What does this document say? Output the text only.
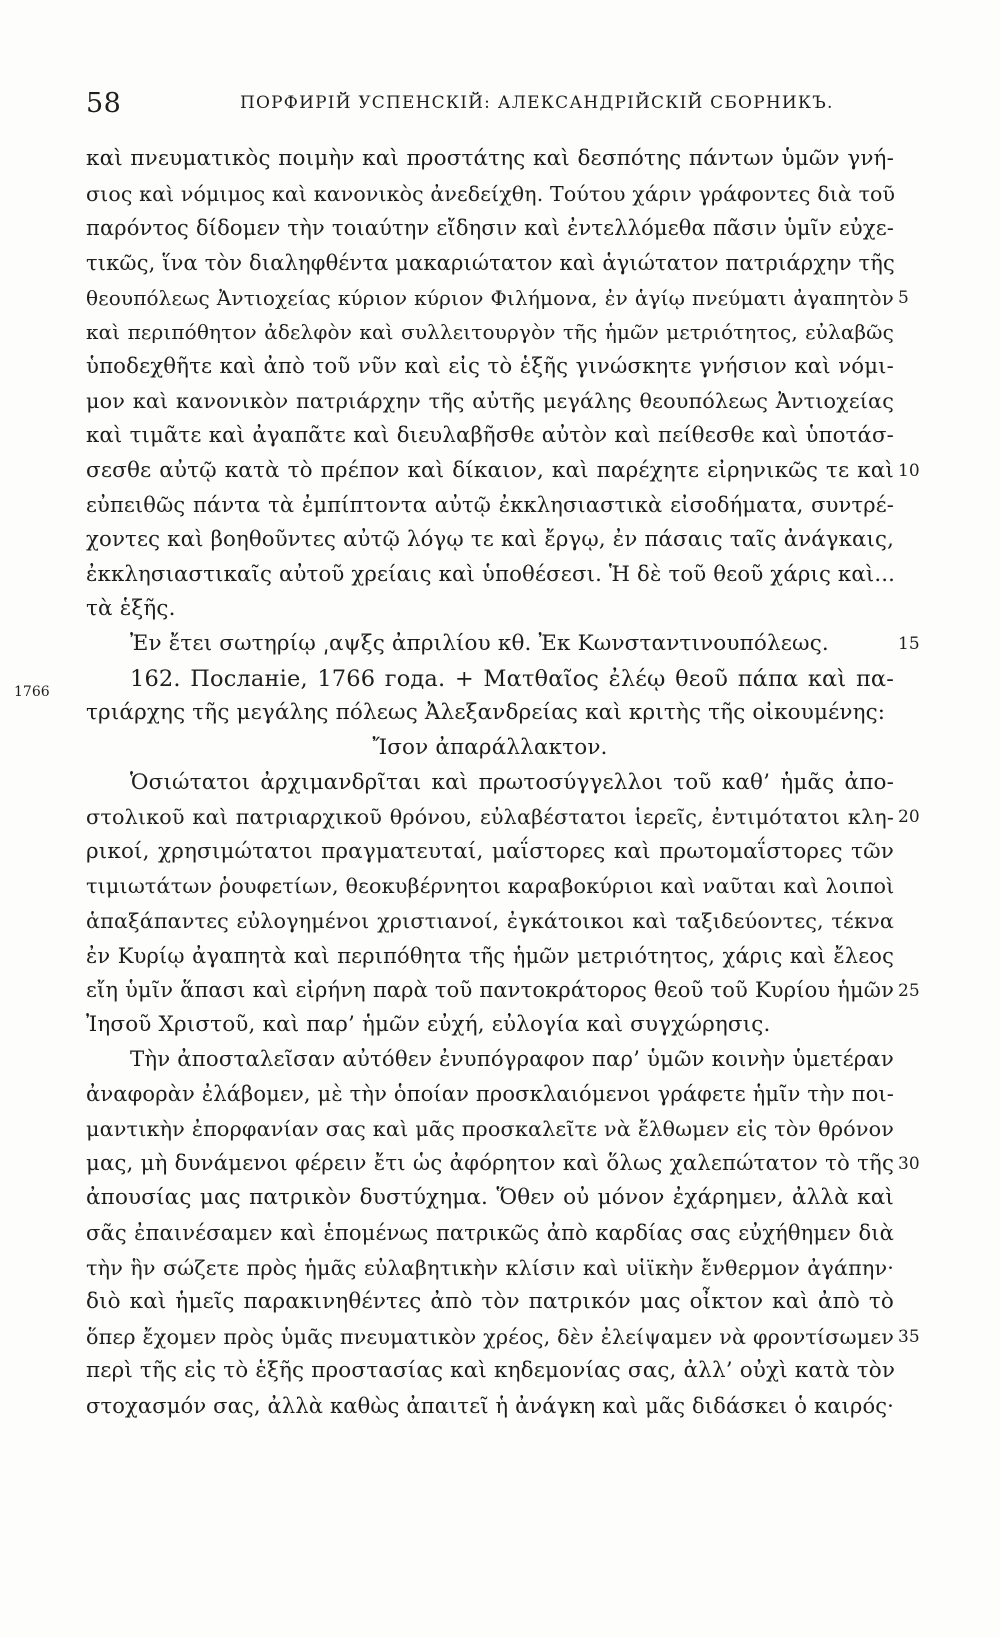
58	ПОРФИРІЙ УСПЕНСКІЙ: АЛЕКСАНДРІЙСКІЙ СБОРНИКЪ.
1766
καὶ πνευματικὸς ποιμὴν καὶ προστάτης καὶ δεσπότης πάντων ὑμῶν γνή-
σιος καὶ νόμιμος καὶ κανονικὸς ἀνεδείχθη. Τούτου χάριν γράφοντες διὰ τοῦ
παρόντος δίδομεν τὴν τοιαύτην εἴδησιν καὶ ἐντελλόμεθα πᾶσιν ὑμῖν εὐχε-
τικῶς, ἵνα τὸν διαληφθέντα μακαριώτατον καὶ ἁγιώτατον πατριάρχην τῆς
θεουπόλεως Ἀντιοχείας κύριον κύριον Φιλήμονα, ἐν ἁγίῳ πνεύματι ἀγαπητὸν
καὶ περιπόθητον ἀδελφὸν καὶ συλλειτουργὸν τῆς ἡμῶν μετριότητος, εὐλαβῶς
ὑποδεχθῆτε καὶ ἀπὸ τοῦ νῦν καὶ εἰς τὸ ἑξῆς γινώσκητε γνήσιον καὶ νόμι-
μον καὶ κανονικὸν πατριάρχην τῆς αὐτῆς μεγάλης θεουπόλεως Ἀντιοχείας
καὶ τιμᾶτε καὶ ἀγαπᾶτε καὶ διευλαβῆσθε αὐτὸν καὶ πείθεσθε καὶ ὑποτάσ-
σεσθε αὐτῷ κατὰ τὸ πρέπον καὶ δίκαιον, καὶ παρέχητε εἰρηνικῶς τε καὶ
εὐπειθῶς πάντα τὰ ἐμπίπτοντα αὐτῷ ἐκκλησιαστικὰ εἰσοδήματα, συντρέ-
χοντες καὶ βοηθοῦντες αὐτῷ λόγῳ τε καὶ ἔργῳ, ἐν πάσαις ταῖς ἀνάγκαις,
ἐκκλησιαστικαῖς αὐτοῦ χρείαις καὶ ὑποθέσεσι. Ἡ δὲ τοῦ θεοῦ χάρις καὶ...
τὰ ἑξῆς.
Ἐν ἔτει σωτηρίῳ ͵αψξς ἀπριλίου κθ. Ἐκ Κωνσταντινουπόλεως.
162. Посланіе, 1766 года. + Ματθαῖος ἐλέῳ θεοῦ πάπα καὶ πα-
τριάρχης τῆς μεγάλης πόλεως Ἀλεξανδρείας καὶ κριτὴς τῆς οἰκουμένης:
Ἴσον ἀπαράλλακτον.
Ὁσιώτατοι ἀρχιμανδρῖται καὶ πρωτοσύγγελλοι τοῦ καθ’ ἡμᾶς ἀπο-
στολικοῦ καὶ πατριαρχικοῦ θρόνου, εὐλαβέστατοι ἱερεῖς, ἐντιμότατοι κλη-
ρικοί, χρησιμώτατοι πραγματευταί, μαΐστορες καὶ πρωτομαΐστορες τῶν
τιμιωτάτων ῥουφετίων, θεοκυβέρνητοι καραβοκύριοι καὶ ναῦται καὶ λοιποὶ
ἁπαξάπαντες εὐλογημένοι χριστιανοί, ἐγκάτοικοι καὶ ταξιδεύοντες, τέκνα
ἐν Κυρίῳ ἀγαπητὰ καὶ περιπόθητα τῆς ἡμῶν μετριότητος, χάρις καὶ ἔλεος
εἴη ὑμῖν ἅπασι καὶ εἰρήνη παρὰ τοῦ παντοκράτορος θεοῦ τοῦ Κυρίου ἡμῶν
Ἰησοῦ Χριστοῦ, καὶ παρ’ ἡμῶν εὐχή, εὐλογία καὶ συγχώρησις.
Τὴν ἀποσταλεῖσαν αὐτόθεν ἐνυπόγραφον παρ’ ὑμῶν κοινὴν ὑμετέραν
ἀναφορὰν ἐλάβομεν, μὲ τὴν ὁποίαν προσκλαιόμενοι γράφετε ἡμῖν τὴν ποι-
μαντικὴν ἐπορφανίαν σας καὶ μᾶς προσκαλεῖτε νὰ ἔλθωμεν εἰς τὸν θρόνον
μας, μὴ δυνάμενοι φέρειν ἔτι ὡς ἀφόρητον καὶ ὅλως χαλεπώτατον τὸ τῆς
ἀπουσίας μας πατρικὸν δυστύχημα. Ὅθεν οὐ μόνον ἐχάρημεν, ἀλλὰ καὶ
σᾶς ἐπαινέσαμεν καὶ ἑπομένως πατρικῶς ἀπὸ καρδίας σας εὐχήθημεν διὰ
τὴν ἣν σώζετε πρὸς ἡμᾶς εὐλαβητικὴν κλίσιν καὶ υἱϊκὴν ἔνθερμον ἀγάπην·
διὸ καὶ ἡμεῖς παρακινηθέντες ἀπὸ τὸν πατρικόν μας οἶκτον καὶ ἀπὸ τὸ
ὅπερ ἔχομεν πρὸς ὑμᾶς πνευματικὸν χρέος, δὲν ἐλείψαμεν νὰ φροντίσωμεν
περὶ τῆς εἰς τὸ ἑξῆς προστασίας καὶ κηδεμονίας σας, ἀλλ’ οὐχὶ κατὰ τὸν
στοχασμόν σας, ἀλλὰ καθὼς ἀπαιτεῖ ἡ ἀνάγκη καὶ μᾶς διδάσκει ὁ καιρός·
5
10
15
20
25
30
35
